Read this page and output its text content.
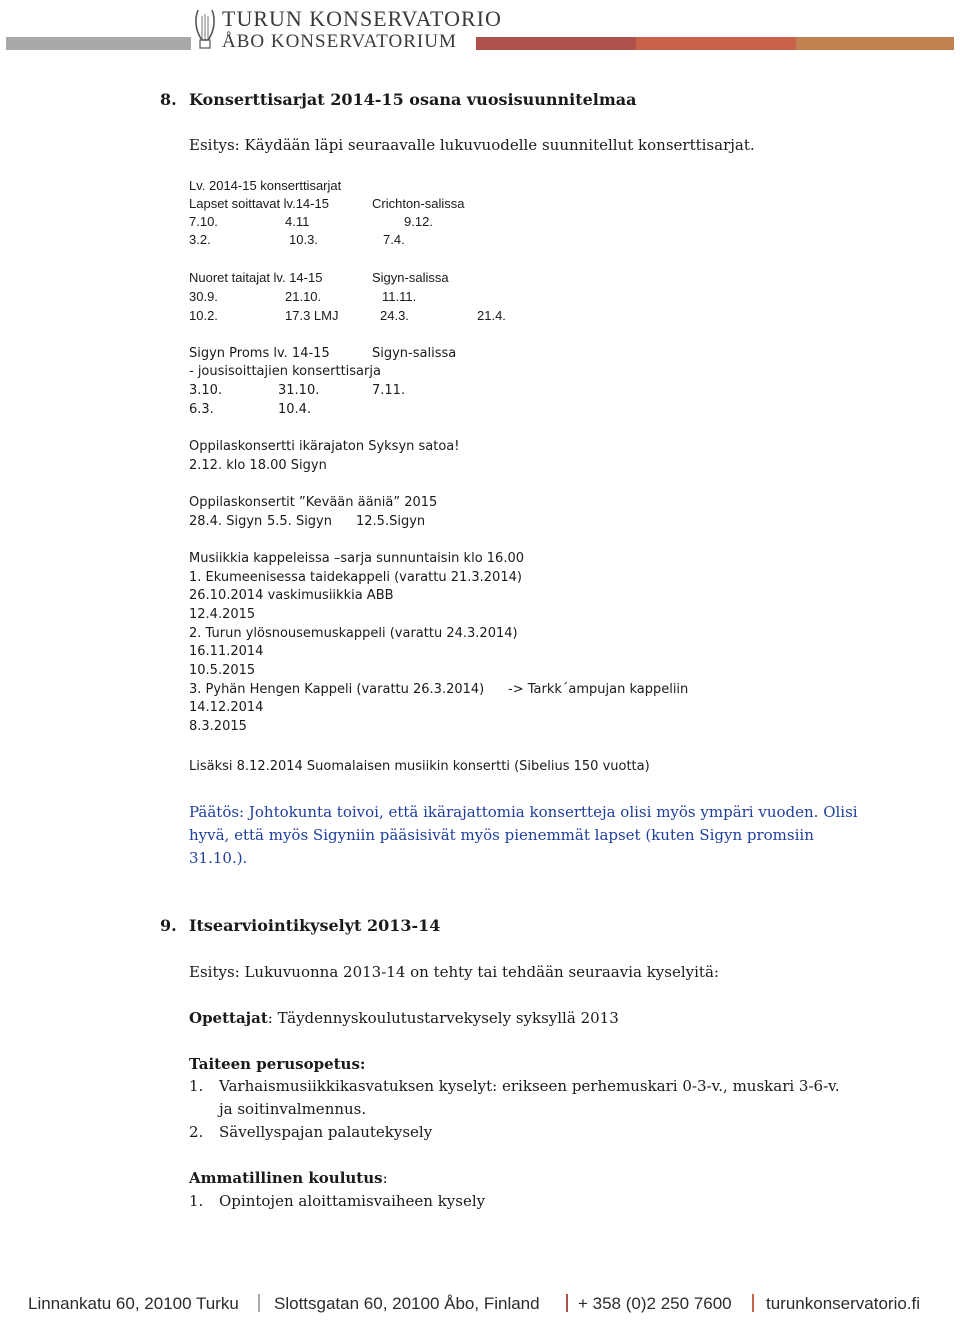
TURUN KONSERVATORIO
ÅBO KONSERVATORIUM
8. Konserttisarjat 2014-15 osana vuosisuunnitelmaa
Esitys: Käydään läpi seuraavalle lukuvuodelle suunnitellut konserttisarjat.
Lv. 2014-15 konserttisarjat
Lapset soittavat lv.14-15	Crichton-salissa
7.10.	4.11	9.12.
3.2.	10.3.	7.4.
Nuoret taitajat lv. 14-15	Sigyn-salissa
30.9.	21.10.	11.11.
10.2.	17.3 LMJ	24.3.	21.4.
Sigyn Proms lv. 14-15	Sigyn-salissa
- jousisoittajien konserttisarja
3.10.	31.10.	7.11.
6.3.	10.4.
Oppilaskonsertti ikärajaton Syksyn satoa!
2.12. klo 18.00 Sigyn
Oppilaskonsertit ”Kevään ääniä” 2015
28.4. Sigyn 5.5. Sigyn 12.5.Sigyn
Musiikkia kappeleissa –sarja sunnuntaisin klo 16.00
1. Ekumeenisessa taidekappeli (varattu 21.3.2014)
26.10.2014 vaskimusiikkia ABB
12.4.2015
2. Turun ylösnousemuskappeli (varattu 24.3.2014)
16.11.2014
10.5.2015
3. Pyhän Hengen Kappeli (varattu 26.3.2014) -> Tarkk´ampujan kappeliin
14.12.2014
8.3.2015
Lisäksi 8.12.2014 Suomalaisen musiikin konsertti (Sibelius 150 vuotta)
Päätös: Johtokunta toivoi, että ikärajattomia konsertteja olisi myös ympäri vuoden. Olisi
hyvä, että myös Sigyniin pääsisivät myös pienemmät lapset (kuten Sigyn promsiin
31.10.).
9. Itsearviointikyselyt 2013-14
Esitys: Lukuvuonna 2013-14 on tehty tai tehdään seuraavia kyselyitä:
Opettajat: Täydennyskoulutustarvekysely syksyllä 2013
Taiteen perusopetus:
1. Varhaismusiikkikasvatuksen kyselyt: erikseen perhemuskari 0-3-v., muskari 3-6-v.
ja soitinvalmennus.
2. Sävellyspajan palautekysely
Ammatillinen koulutus:
1. Opintojen aloittamisvaiheen kysely
Linnankatu 60, 20100 Turku Slottsgatan 60, 20100 Åbo, Finland + 358 (0)2 250 7600 turunkonservatorio.fi
